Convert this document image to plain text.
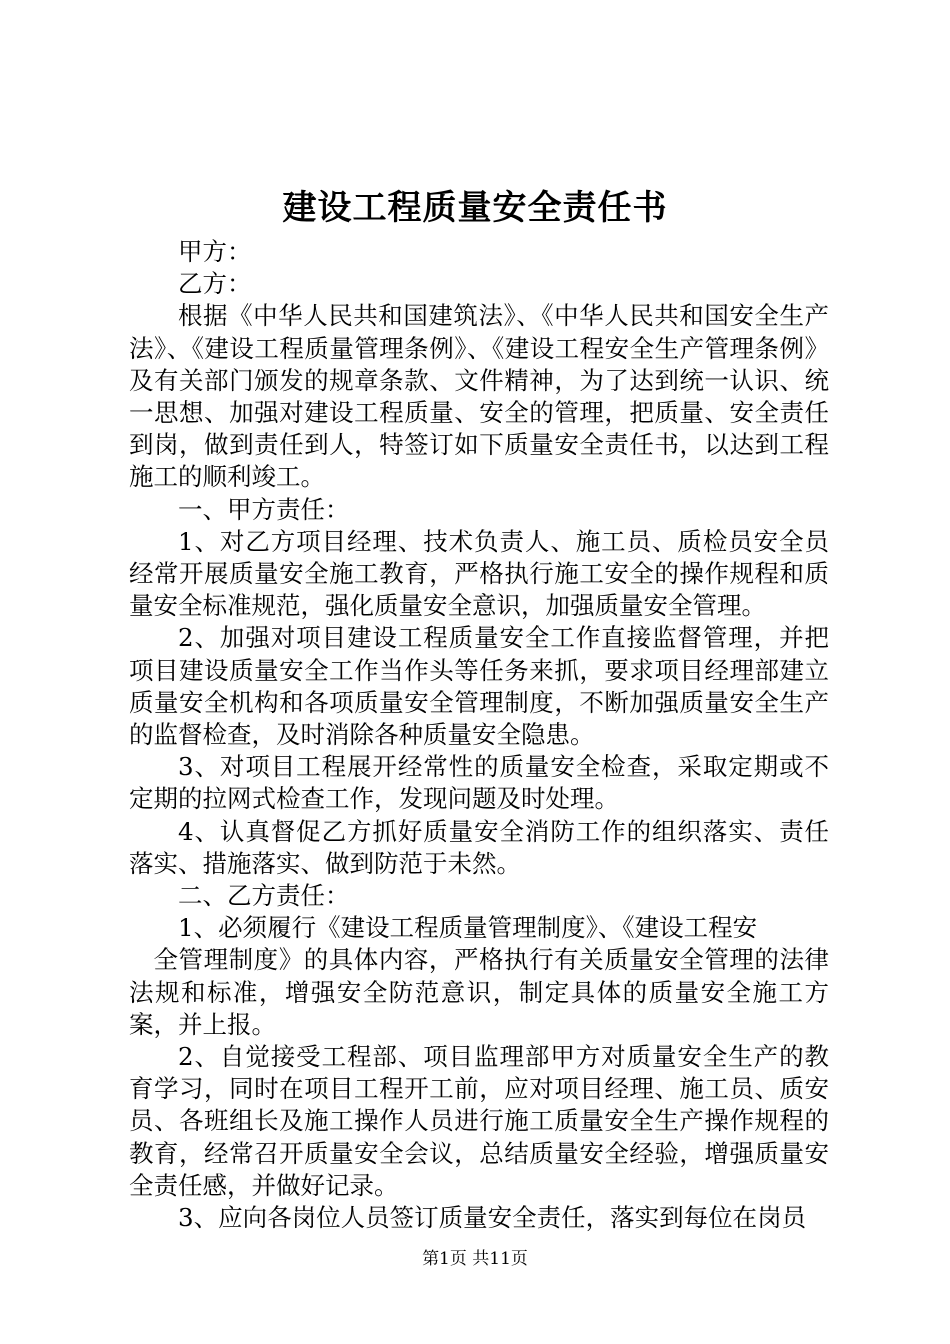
建设工程质量安全责任书

甲方：

乙方：

根据《中华人民共和国建筑法》、《中华人民共和国安全生产法》、《建设工程质量管理条例》、《建设工程安全生产管理条例》及有关部门颁发的规章条款、文件精神，为了达到统一认识、统一思想、加强对建设工程质量、安全的管理，把质量、安全责任到岗，做到责任到人，特签订如下质量安全责任书，以达到工程施工的顺利竣工。

一、甲方责任：

1、对乙方项目经理、技术负责人、施工员、质检员安全员经常开展质量安全施工教育，严格执行施工安全的操作规程和质量安全标准规范，强化质量安全意识，加强质量安全管理。

2、加强对项目建设工程质量安全工作直接监督管理，并把项目建设质量安全工作当作头等任务来抓，要求项目经理部建立质量安全机构和各项质量安全管理制度，不断加强质量安全生产的监督检查，及时消除各种质量安全隐患。

3、对项目工程展开经常性的质量安全检查，采取定期或不定期的拉网式检查工作，发现问题及时处理。

4、认真督促乙方抓好质量安全消防工作的组织落实、责任落实、措施落实、做到防范于未然。

二、乙方责任：

1、必须履行《建设工程质量管理制度》、《建设工程安

全管理制度》的具体内容，严格执行有关质量安全管理的法律法规和标准，增强安全防范意识，制定具体的质量安全施工方案，并上报。

2、自觉接受工程部、项目监理部甲方对质量安全生产的教育学习，同时在项目工程开工前，应对项目经理、施工员、质安员、各班组长及施工操作人员进行施工质量安全生产操作规程的教育，经常召开质量安全会议，总结质量安全经验，增强质量安全责任感，并做好记录。

3、应向各岗位人员签订质量安全责任，落实到每位在岗员

第1页 共11页
